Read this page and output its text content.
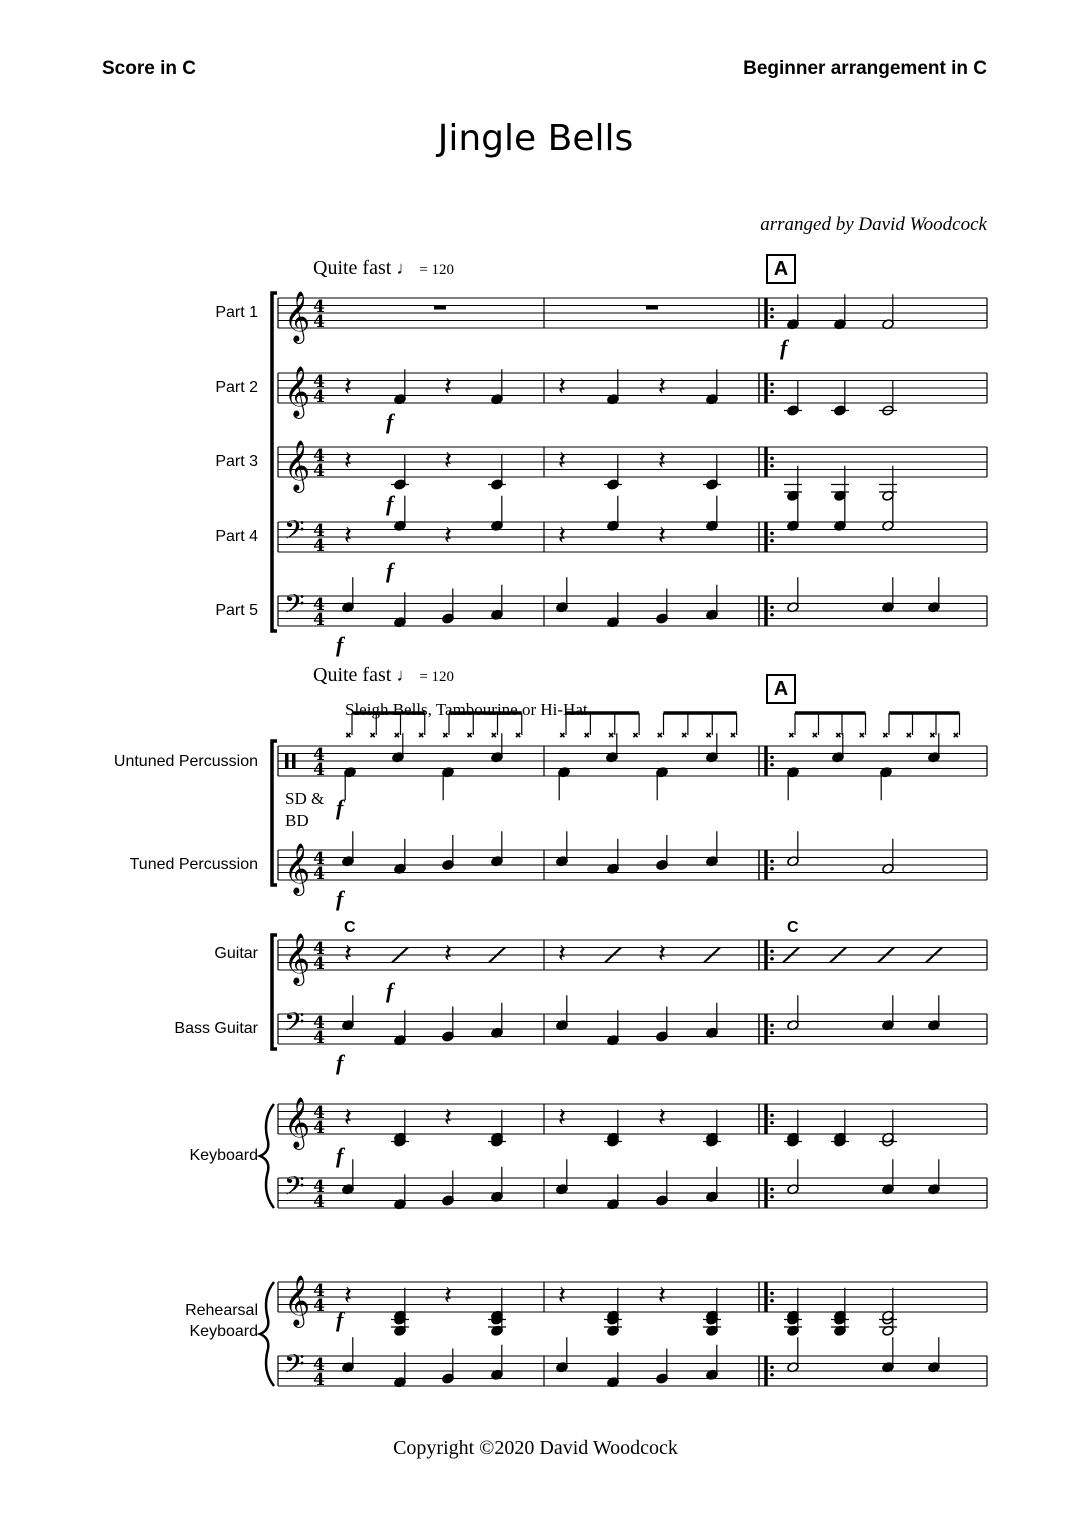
Score in C	Beginner arrangement in C
Jingle Bells
arranged by David Woodcock
Quite fast ♩ = 120
Quite fast ♩ = 120
A
A
Sleigh Bells, Tambourine or Hi-Hat
SD & BD
Part 1
Part 2
Part 3
Part 4
Part 5
Untuned Percussion
Tuned Percussion
Guitar
Bass Guitar
Keyboard
Rehearsal Keyboard
𝄞 4
4
𝄞 4
4
𝄞 4
4
𝄢 4
4
𝄢 4
4
4
4
𝄞 4
4
𝄞 4
4
𝄢 4
4
𝄞 4
4
𝄢 4
4
𝄞 4
4
𝄢 4
4
f
𝄽	𝄽	𝄽	𝄽
f
𝄽	𝄽	𝄽	𝄽
f
𝄽	𝄽	𝄽	𝄽
f
f
✖ ✖ ✖ ✖ ✖ ✖ ✖ ✖	✖ ✖ ✖ ✖ ✖ ✖ ✖ ✖	✖ ✖ ✖ ✖ ✖ ✖ ✖ ✖
f
f
𝄽	𝄽	𝄽	𝄽
C	C
f
f
𝄽	𝄽	𝄽	𝄽
f
𝄽	𝄽	𝄽	𝄽
f
Copyright ©2020 David Woodcock
